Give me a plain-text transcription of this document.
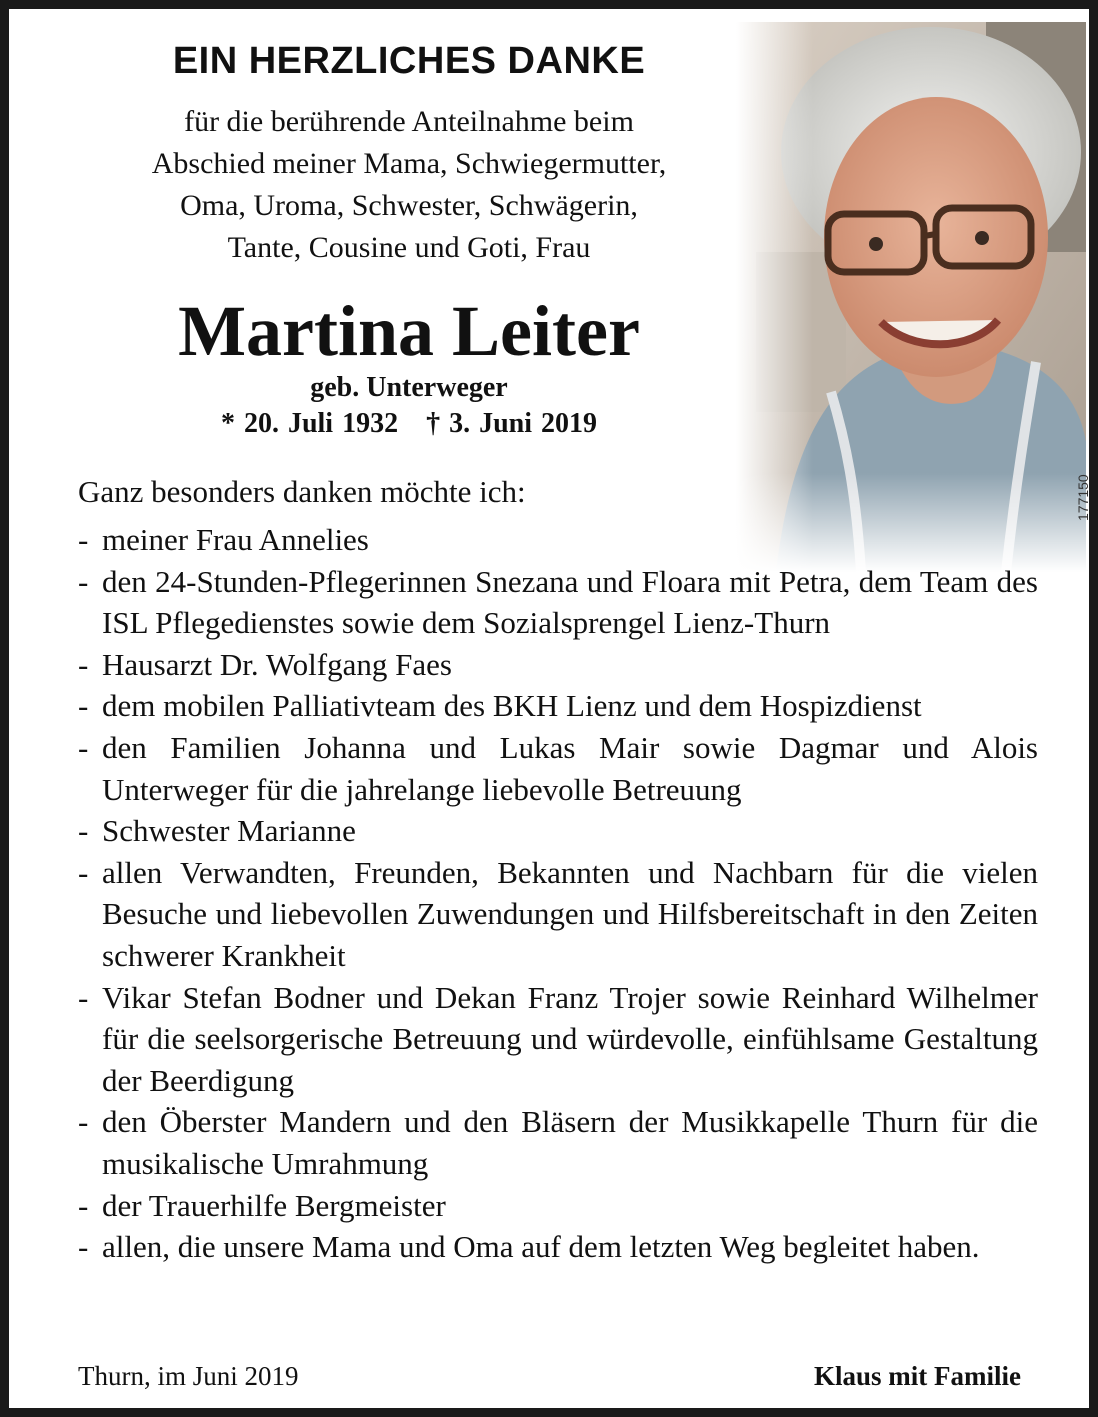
EIN HERZLICHES DANKE
für die berührende Anteilnahme beim
Abschied meiner Mama, Schwiegermutter,
Oma, Uroma, Schwester, Schwägerin,
Tante, Cousine und Goti, Frau
Martina Leiter
geb. Unterweger
* 20. Juli 1932 † 3. Juni 2019
177150
Ganz besonders danken möchte ich:
- meiner Frau Annelies
- den 24-Stunden-Pflegerinnen Snezana und Floara mit Petra, dem Team des ISL Pflegedienstes sowie dem Sozialsprengel Lienz-Thurn
- Hausarzt Dr. Wolfgang Faes
- dem mobilen Palliativteam des BKH Lienz und dem Hospizdienst
- den Familien Johanna und Lukas Mair sowie Dagmar und Alois Unterweger für die jahrelange liebevolle Betreuung
- Schwester Marianne
- allen Verwandten, Freunden, Bekannten und Nachbarn für die vielen Besuche und liebevollen Zuwendungen und Hilfsbereitschaft in den Zeiten schwerer Krankheit
- Vikar Stefan Bodner und Dekan Franz Trojer sowie Reinhard Wilhelmer für die seelsorgerische Betreuung und würdevolle, einfühlsame Gestaltung der Beerdigung
- den Öberster Mandern und den Bläsern der Musikkapelle Thurn für die musikalische Umrahmung
- der Trauerhilfe Bergmeister
- allen, die unsere Mama und Oma auf dem letzten Weg begleitet haben.
Thurn, im Juni 2019	Klaus mit Familie
